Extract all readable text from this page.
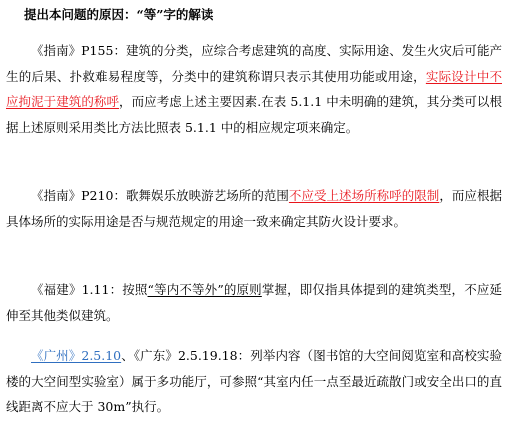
提出本问题的原因：“等”字的解读
《指南》P155：建筑的分类，应综合考虑建筑的高度、实际用途、发生火灾后可能产生的后果、扑救难易程度等，分类中的建筑称谓只表示其使用功能或用途，实际设计中不应拘泥于建筑的称呼，而应考虑上述主要因素.在表 5.1.1 中未明确的建筑，其分类可以根据上述原则采用类比方法比照表 5.1.1 中的相应规定项来确定。
《指南》P210：歌舞娱乐放映游艺场所的范围不应受上述场所称呼的限制，而应根据具体场所的实际用途是否与规范规定的用途一致来确定其防火设计要求。
《福建》1.11：按照“等内不等外”的原则掌握，即仅指具体提到的建筑类型，不应延伸至其他类似建筑。
《广州》2.5.10、《广东》2.5.19.18：列举内容（图书馆的大空间阅览室和高校实验楼的大空间型实验室）属于多功能厅，可参照“其室内任一点至最近疏散门或安全出口的直线距离不应大于 30m”执行。
